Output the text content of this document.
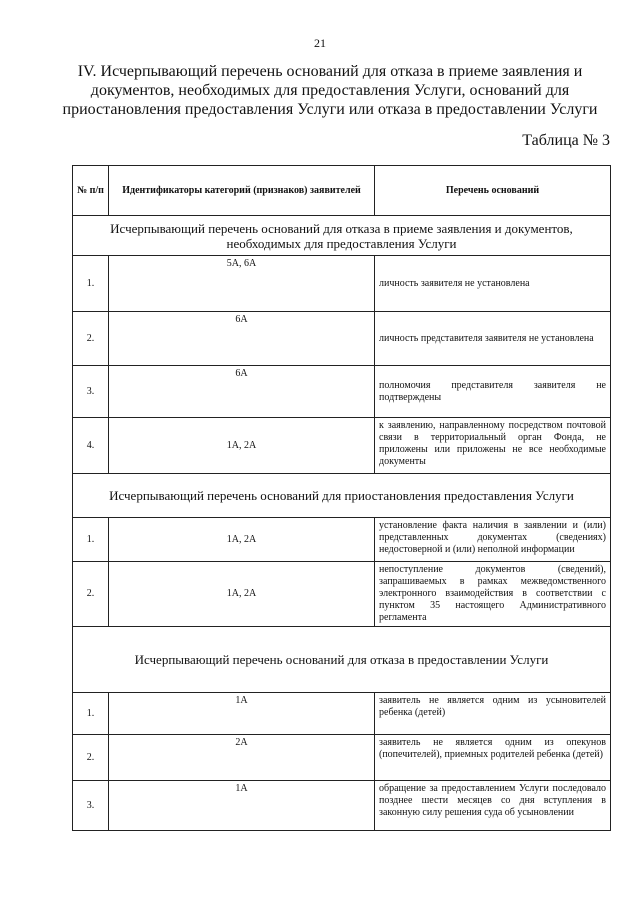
21
IV. Исчерпывающий перечень оснований для отказа в приеме заявления и документов, необходимых для предоставления Услуги, оснований для приостановления предоставления Услуги или отказа в предоставлении Услуги
Таблица № 3
№ п/п	Идентификаторы категорий (признаков) заявителей	Перечень оснований
Исчерпывающий перечень оснований для отказа в приеме заявления и документов, необходимых для предоставления Услуги		
1.	5А, 6А	личность заявителя не установлена
2.	6А	личность представителя заявителя не установлена
3.	6А	полномочия представителя заявителя не подтверждены
4.	1А, 2А	к заявлению, направленному посредством почтовой связи в территориальный орган Фонда, не приложены или приложены не все необходимые документы
Исчерпывающий перечень оснований для приостановления предоставления Услуги		
1.	1А, 2А	установление факта наличия в заявлении и (или) представленных документах (сведениях) недостоверной и (или) неполной информации
2.	1А, 2А	непоступление документов (сведений), запрашиваемых в рамках межведомственного электронного взаимодействия в соответствии с пунктом 35 настоящего Административного регламента
Исчерпывающий перечень оснований для отказа в предоставлении Услуги		
1.	1А	заявитель не является одним из усыновителей ребенка (детей)
2.	2А	заявитель не является одним из опекунов (попечителей), приемных родителей ребенка (детей)
3.	1А	обращение за предоставлением Услуги последовало позднее шести месяцев со дня вступления в законную силу решения суда об усыновлении
